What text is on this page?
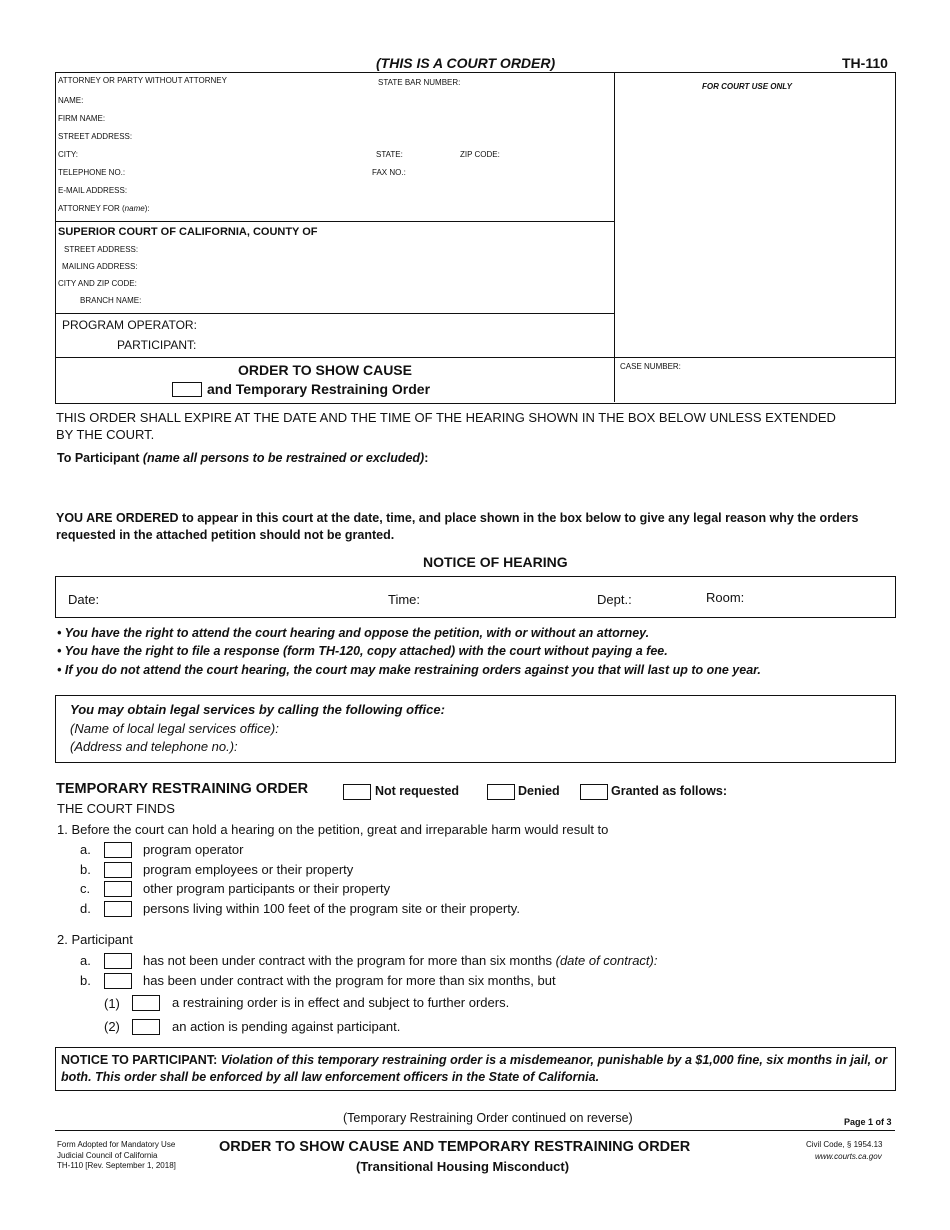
(THIS IS A COURT ORDER)	TH-110
ATTORNEY OR PARTY WITHOUT ATTORNEY	STATE BAR NUMBER:
NAME:
FIRM NAME:
STREET ADDRESS:
CITY:	STATE:	ZIP CODE:
TELEPHONE NO.:	FAX NO.:
E-MAIL ADDRESS:
ATTORNEY FOR (name):
FOR COURT USE ONLY
SUPERIOR COURT OF CALIFORNIA, COUNTY OF
STREET ADDRESS:
MAILING ADDRESS:
CITY AND ZIP CODE:
BRANCH NAME:
PROGRAM OPERATOR:
PARTICIPANT:
ORDER TO SHOW CAUSE
and Temporary Restraining Order
CASE NUMBER:
THIS ORDER SHALL EXPIRE AT THE DATE AND THE TIME OF THE HEARING SHOWN IN THE BOX BELOW UNLESS EXTENDED BY THE COURT.
To Participant (name all persons to be restrained or excluded):
YOU ARE ORDERED to appear in this court at the date, time, and place shown in the box below to give any legal reason why the orders requested in the attached petition should not be granted.
NOTICE OF HEARING
Date:	Time:	Dept.:	Room:
• You have the right to attend the court hearing and oppose the petition, with or without an attorney.
• You have the right to file a response (form TH-120, copy attached) with the court without paying a fee.
• If you do not attend the court hearing, the court may make restraining orders against you that will last up to one year.
You may obtain legal services by calling the following office:
(Name of local legal services office):
(Address and telephone no.):
TEMPORARY RESTRAINING ORDER	Not requested	Denied	Granted as follows:
THE COURT FINDS
1. Before the court can hold a hearing on the petition, great and irreparable harm would result to
a.	program operator
b.	program employees or their property
c.	other program participants or their property
d.	persons living within 100 feet of the program site or their property.
2. Participant
a.	has not been under contract with the program for more than six months (date of contract):
b.	has been under contract with the program for more than six months, but
(1)	a restraining order is in effect and subject to further orders.
(2)	an action is pending against participant.
NOTICE TO PARTICIPANT: Violation of this temporary restraining order is a misdemeanor, punishable by a $1,000 fine, six months in jail, or both. This order shall be enforced by all law enforcement officers in the State of California.
(Temporary Restraining Order continued on reverse)	Page 1 of 3
Form Adopted for Mandatory Use
Judicial Council of California
TH-110 [Rev. September 1, 2018]
ORDER TO SHOW CAUSE AND TEMPORARY RESTRAINING ORDER
(Transitional Housing Misconduct)
Civil Code, § 1954.13
www.courts.ca.gov
